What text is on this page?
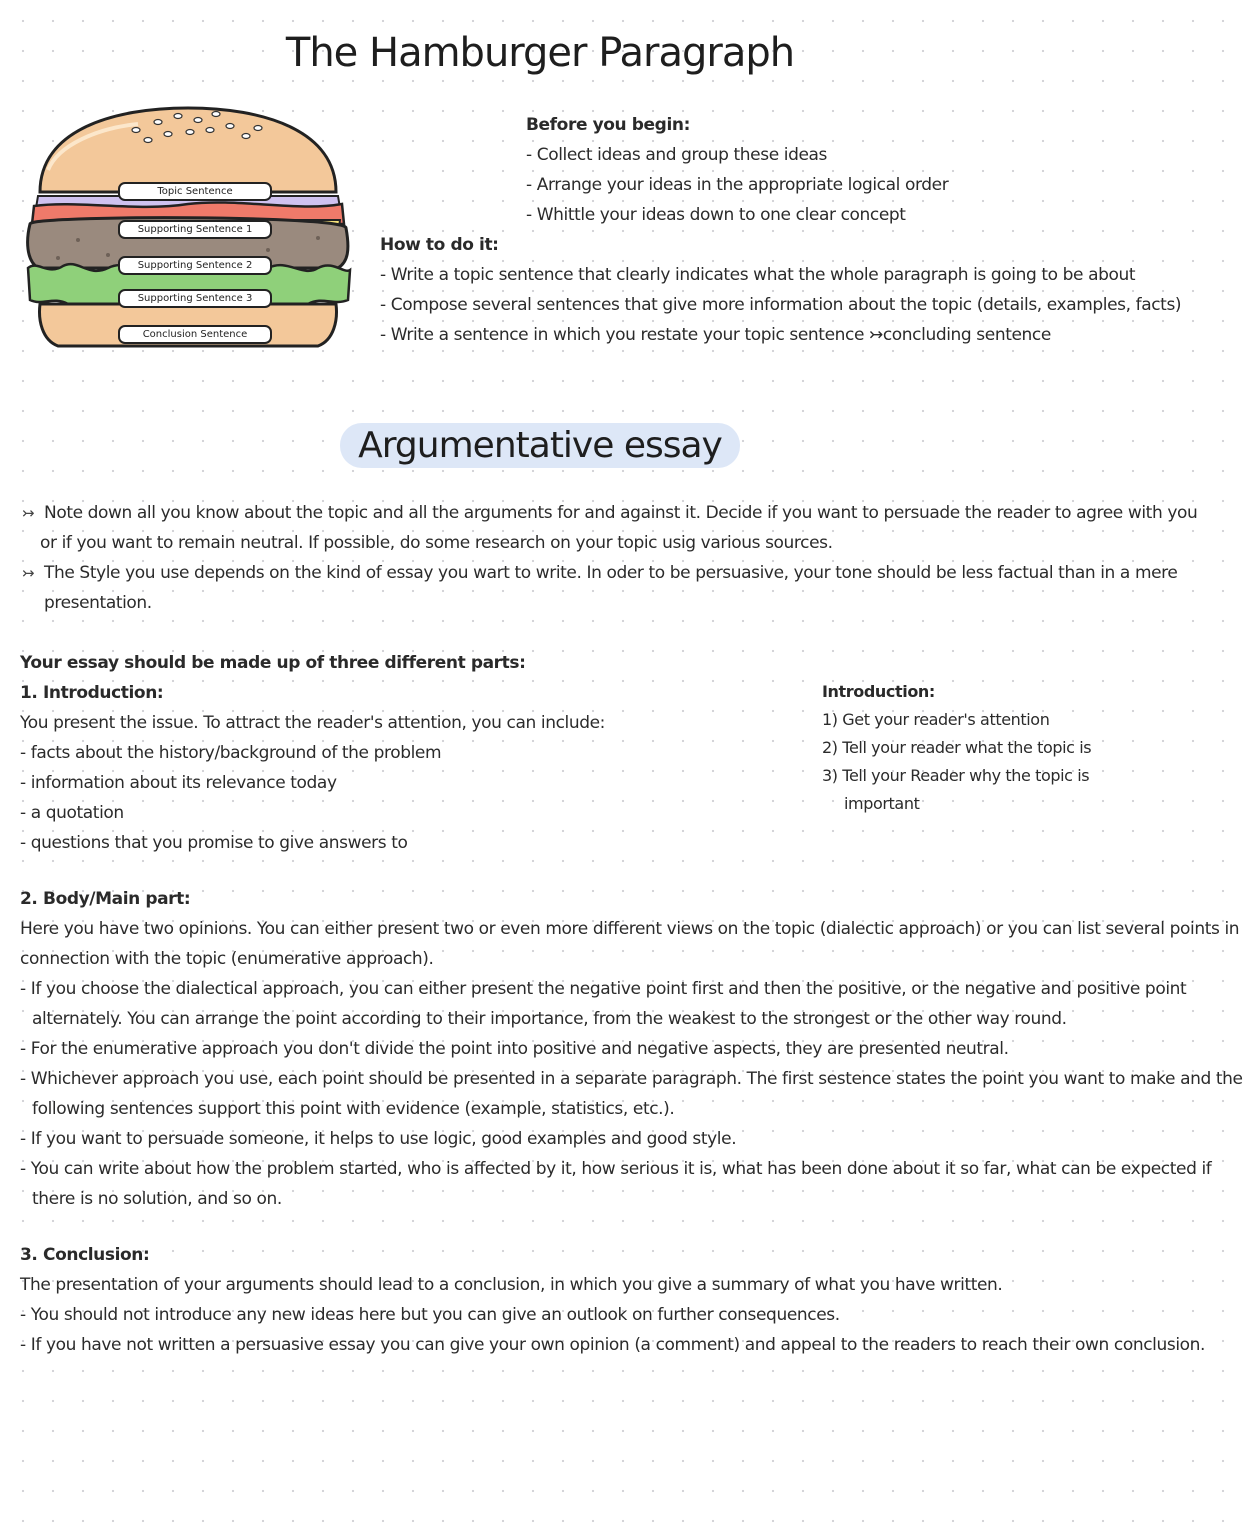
The Hamburger Paragraph
Topic Sentence
Supporting Sentence 1
Supporting Sentence 2
Supporting Sentence 3
Conclusion Sentence
Before you begin:
- Collect ideas and group these ideas
- Arrange your ideas in the appropriate logical order
- Whittle your ideas down to one clear concept
How to do it:
- Write a topic sentence that clearly indicates what the whole paragraph is going to be about
- Compose several sentences that give more information about the topic (details, examples, facts)
- Write a sentence in which you restate your topic sentence ↣concluding sentence
Argumentative essay
↣ Note down all you know about the topic and all the arguments for and against it. Decide if you want to persuade the reader to agree with you
or if you want to remain neutral. If possible, do some research on your topic usig various sources.
↣ The Style you use depends on the kind of essay you wart to write. In oder to be persuasive, your tone should be less factual than in a mere
presentation.
Your essay should be made up of three different parts:
1. Introduction:
You present the issue. To attract the reader's attention, you can include:
- facts about the history/background of the problem
- information about its relevance today
- a quotation
- questions that you promise to give answers to
Introduction:
1) Get your reader's attention
2) Tell your reader what the topic is
3) Tell your Reader why the topic is
important
2. Body/Main part:
Here you have two opinions. You can either present two or even more different views on the topic (dialectic approach) or you can list several points in
connection with the topic (enumerative approach).
- If you choose the dialectical approach, you can either present the negative point first and then the positive, or the negative and positive point
alternately. You can arrange the point according to their importance, from the weakest to the strongest or the other way round.
- For the enumerative approach you don't divide the point into positive and negative aspects, they are presented neutral.
- Whichever approach you use, each point should be presented in a separate paragraph. The first sestence states the point you want to make and the
following sentences support this point with evidence (example, statistics, etc.).
- If you want to persuade someone, it helps to use logic, good examples and good style.
- You can write about how the problem started, who is affected by it, how serious it is, what has been done about it so far, what can be expected if
there is no solution, and so on.
3. Conclusion:
The presentation of your arguments should lead to a conclusion, in which you give a summary of what you have written.
- You should not introduce any new ideas here but you can give an outlook on further consequences.
- If you have not written a persuasive essay you can give your own opinion (a comment) and appeal to the readers to reach their own conclusion.
